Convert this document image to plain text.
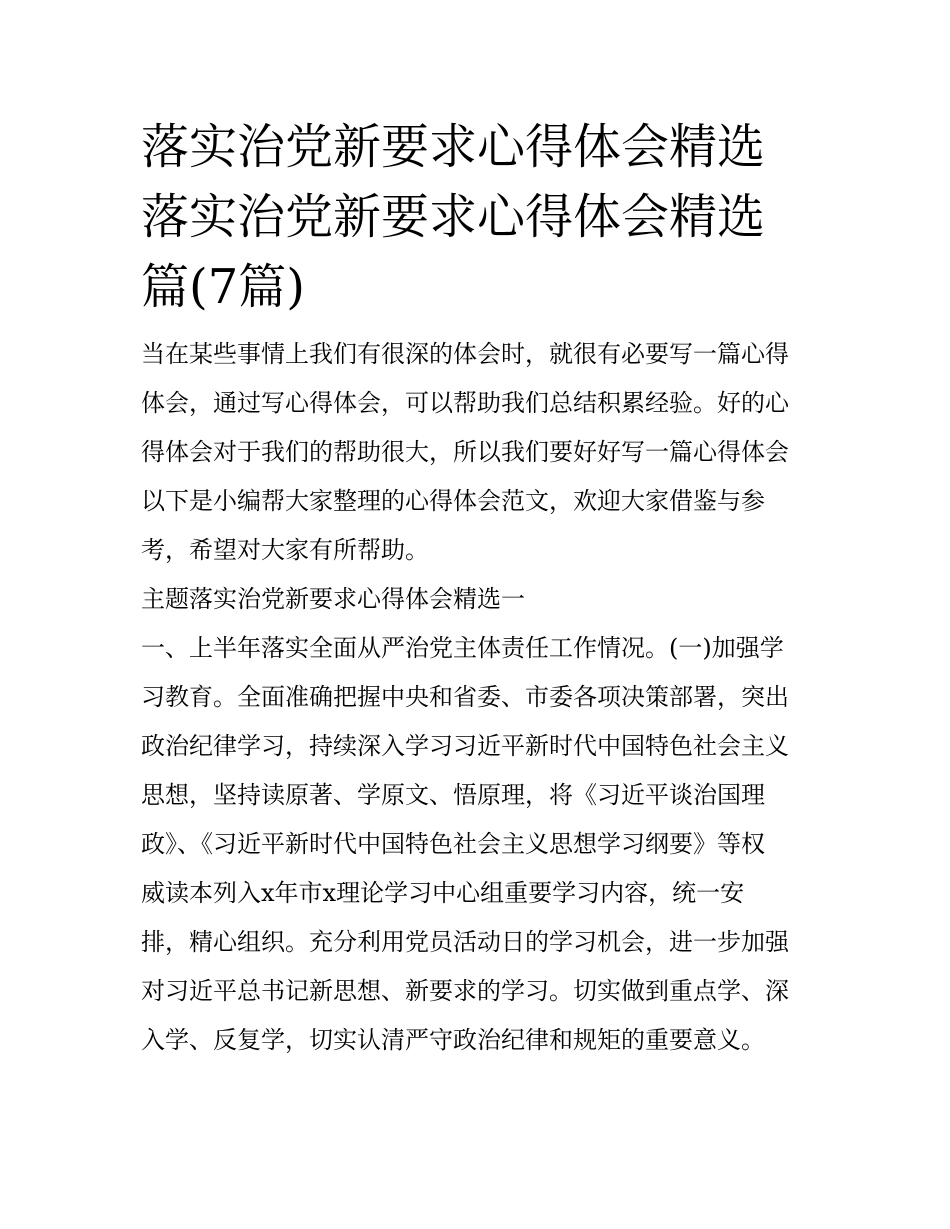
落实治党新要求心得体会精选
落实治党新要求心得体会精选
篇(7篇)

当在某些事情上我们有很深的体会时，就很有必要写一篇心得
体会，通过写心得体会，可以帮助我们总结积累经验。好的心
得体会对于我们的帮助很大，所以我们要好好写一篇心得体会
以下是小编帮大家整理的心得体会范文，欢迎大家借鉴与参
考，希望对大家有所帮助。

主题落实治党新要求心得体会精选一

一、上半年落实全面从严治党主体责任工作情况。(一)加强学
习教育。全面准确把握中央和省委、市委各项决策部署，突出
政治纪律学习，持续深入学习习近平新时代中国特色社会主义
思想，坚持读原著、学原文、悟原理，将《习近平谈治国理
政》、《习近平新时代中国特色社会主义思想学习纲要》等权
威读本列入x年市x理论学习中心组重要学习内容，统一安
排，精心组织。充分利用党员活动日的学习机会，进一步加强
对习近平总书记新思想、新要求的学习。切实做到重点学、深
入学、反复学，切实认清严守政治纪律和规矩的重要意义。
